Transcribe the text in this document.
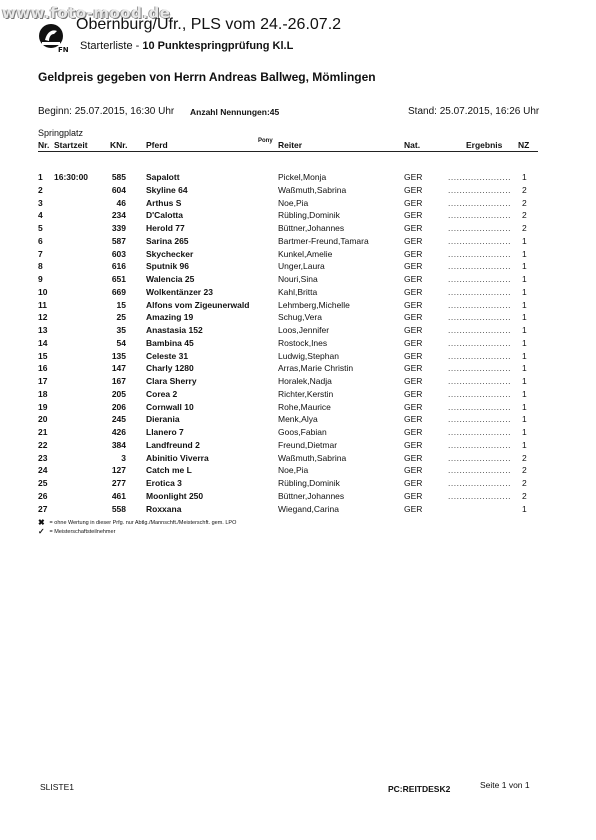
www.foto-mood.de
FN
Obernburg/Ufr., PLS vom 24.-26.07.2
Starterliste - 10 Punktespringprüfung Kl.L
Geldpreis gegeben von Herrn Andreas Ballweg, Mömlingen
Beginn: 25.07.2015, 16:30 Uhr Anzahl Nennungen:45	Stand: 25.07.2015, 16:26 Uhr
Springplatz
Nr. Startzeit	KNr. Pferd	Pony Reiter	Nat.	Ergebnis NZ
1 16:30:00	585 Sapalott	Pickel,Monja	GER	...................... 1
2	604 Skyline 64	Waßmuth,Sabrina	GER	...................... 2
3	46 Arthus S	Noe,Pia	GER	...................... 2
4	234 D'Calotta	Rübling,Dominik	GER	...................... 2
5	339 Herold 77	Büttner,Johannes	GER	...................... 2
6	587 Sarina 265	Bartmer-Freund,Tamara	GER	...................... 1
7	603 Skychecker	Kunkel,Amelie	GER	...................... 1
8	616 Sputnik 96	Unger,Laura	GER	...................... 1
9	651 Walencia 25	Nouri,Sina	GER	...................... 1
10	669 Wolkentänzer 23	Kahl,Britta	GER	...................... 1
11	15 Alfons vom Zigeunerwald	Lehmberg,Michelle	GER	...................... 1
12	25 Amazing 19	Schug,Vera	GER	...................... 1
13	35 Anastasia 152	Loos,Jennifer	GER	...................... 1
14	54 Bambina 45	Rostock,Ines	GER	...................... 1
15	135 Celeste 31	Ludwig,Stephan	GER	...................... 1
16	147 Charly 1280	Arras,Marie Christin	GER	...................... 1
17	167 Clara Sherry	Horalek,Nadja	GER	...................... 1
18	205 Corea 2	Richter,Kerstin	GER	...................... 1
19	206 Cornwall 10	Rohe,Maurice	GER	...................... 1
20	245 Dierania	Menk,Alya	GER	...................... 1
21	426 Llanero 7	Goos,Fabian	GER	...................... 1
22	384 Landfreund 2	Freund,Dietmar	GER	...................... 1
23	3 Abinitio Viverra	Waßmuth,Sabrina	GER	...................... 2
24	127 Catch me L	Noe,Pia	GER	...................... 2
25	277 Erotica 3	Rübling,Dominik	GER	...................... 2
26	461 Moonlight 250	Büttner,Johannes	GER	...................... 2
27	558 Roxxana	Wiegand,Carina	GER	1
✖ = ohne Wertung in dieser Prfg. nur Abtlg./Mannschft./Meisterschft. gem. LPO
✓ = Meisterschaftsteilnehmer
SLISTE1	PC:REITDESK2	Seite 1 von 1
